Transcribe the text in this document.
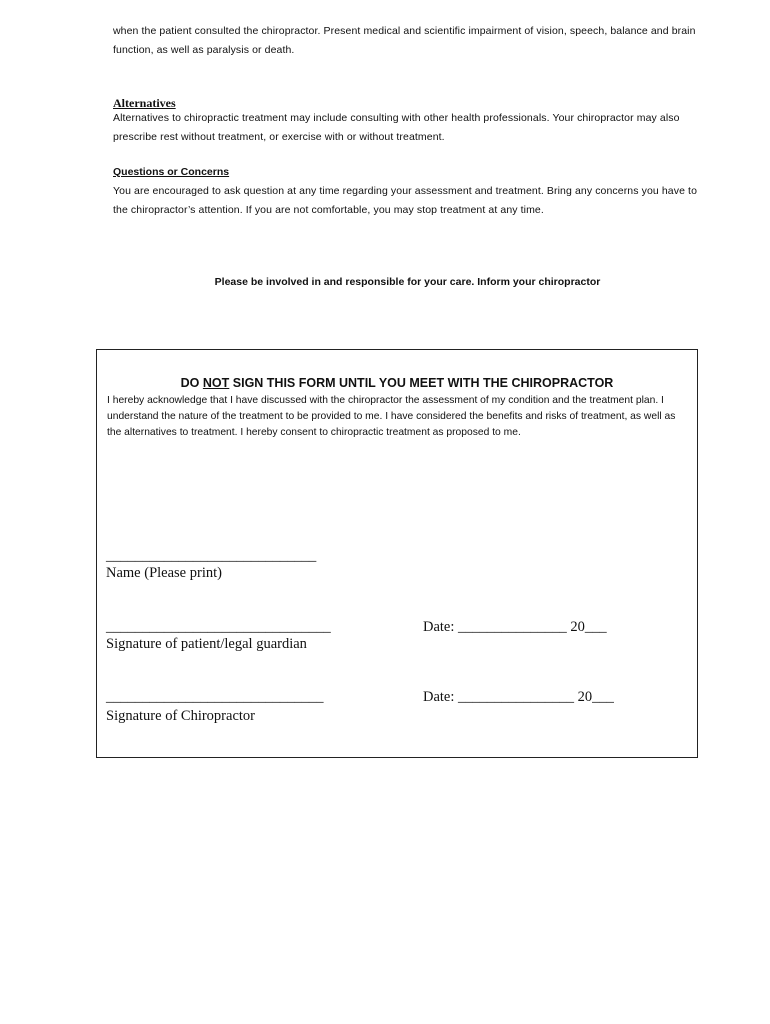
when the patient consulted the chiropractor. Present medical and scientific impairment of vision, speech, balance and brain function, as well as paralysis or death.
Alternatives
Alternatives to chiropractic treatment may include consulting with other health professionals. Your chiropractor may also prescribe rest without treatment, or exercise with or without treatment.
Questions or Concerns
You are encouraged to ask question at any time regarding your assessment and treatment. Bring any concerns you have to the chiropractor’s attention. If you are not comfortable, you may stop treatment at any time.
Please be involved in and responsible for your care. Inform your chiropractor
DO NOT SIGN THIS FORM UNTIL YOU MEET WITH THE CHIROPRACTOR
I hereby acknowledge that I have discussed with the chiropractor the assessment of my condition and the treatment plan. I understand the nature of the treatment to be provided to me. I have considered the benefits and risks of treatment, as well as the alternatives to treatment. I hereby consent to chiropractic treatment as proposed to me.
_____________________________
Name (Please print)
_______________________________	Date: _______________ 20___
Signature of patient/legal guardian
______________________________	Date: ________________ 20___
Signature of Chiropractor
